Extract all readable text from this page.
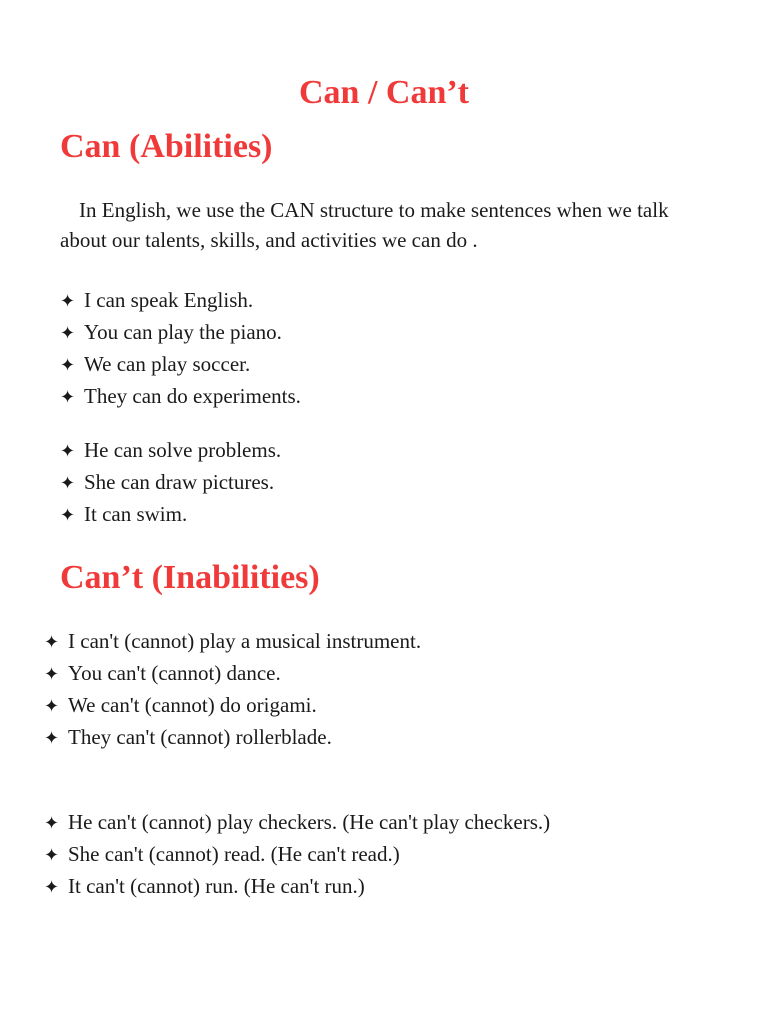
Can / Can’t
Can (Abilities)

In English, we use the CAN structure to make sentences when we talk about our talents, skills, and activities we can do .

✦ I can speak English.
✦ You can play the piano.
✦ We can play soccer.
✦ They can do experiments.
✦ He can solve problems.
✦ She can draw pictures.
✦ It can swim.
Can’t (Inabilities)
✦ I can't (cannot) play a musical instrument.
✦ You can't (cannot) dance.
✦ We can't (cannot) do origami.
✦ They can't (cannot) rollerblade.
✦ He can't (cannot) play checkers. (He can't play checkers.)
✦ She can't (cannot) read. (He can't read.)
✦ It can't (cannot) run. (He can't run.)
